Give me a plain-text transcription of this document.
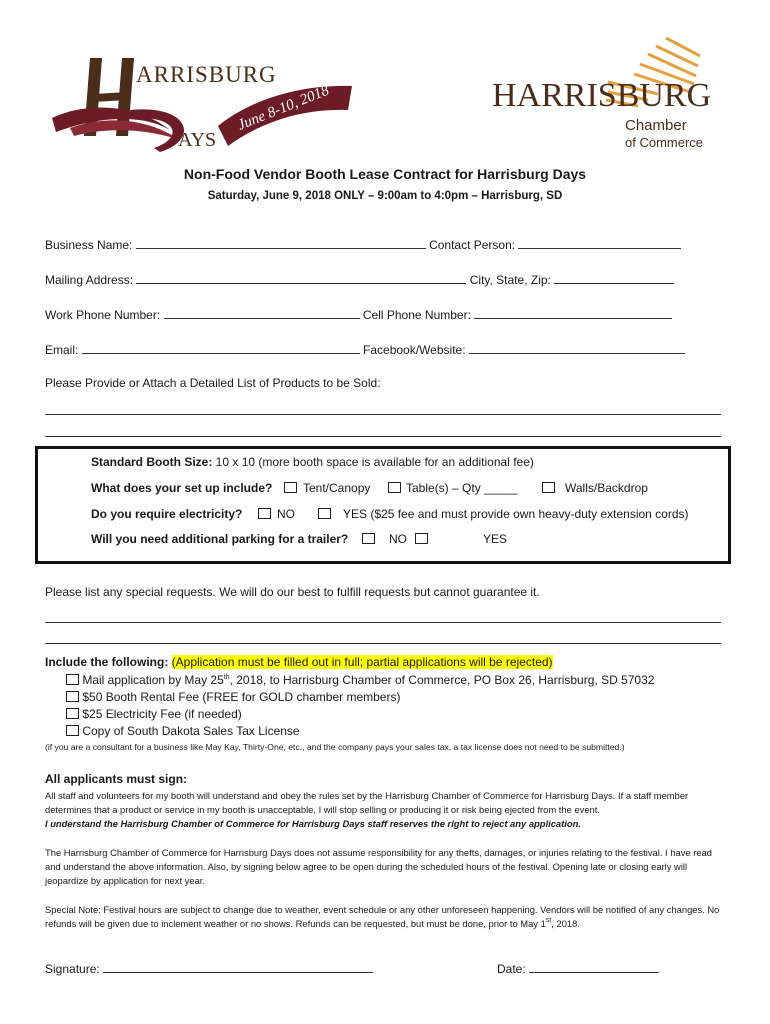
ARRISBURG
AYS
June 8-10, 2018	HARRISBURG
Chamber
of Commerce
Non-Food Vendor Booth Lease Contract for Harrisburg Days
Saturday, June 9, 2018 ONLY – 9:00am to 4:0pm – Harrisburg, SD
Business Name:	Contact Person:
Mailing Address:	City, State, Zip:
Work Phone Number:	Cell Phone Number:
Email:	Facebook/Website:
Please Provide or Attach a Detailed List of Products to be Sold:
Standard Booth Size: 10 x 10 (more booth space is available for an additional fee)
What does your set up include?	Tent/Canopy	Table(s) – Qty _____	Walls/Backdrop
Do you require electricity?	NO	YES ($25 fee and must provide own heavy-duty extension cords)
Will you need additional parking for a trailer?	NO	YES
Please list any special requests. We will do our best to fulfill requests but cannot guarantee it.
Include the following: (Application must be filled out in full; partial applications will be rejected)
Mail application by May 25th, 2018, to Harrisburg Chamber of Commerce, PO Box 26, Harrisburg, SD 57032
$50 Booth Rental Fee (FREE for GOLD chamber members)
$25 Electricity Fee (if needed)
Copy of South Dakota Sales Tax License
(if you are a consultant for a business like May Kay, Thirty-One, etc., and the company pays your sales tax, a tax license does not need to be submitted.)
All applicants must sign:
All staff and volunteers for my booth will understand and obey the rules set by the Harrisburg Chamber of Commerce for Harrisburg Days. If a staff member determines that a product or service in my booth is unacceptable, I will stop selling or producing it or risk being ejected from the event.
I understand the Harrisburg Chamber of Commerce for Harrisburg Days staff reserves the right to reject any application.
The Harrisburg Chamber of Commerce for Harrisburg Days does not assume responsibility for any thefts, damages, or injuries relating to the festival. I have read and understand the above information. Also, by signing below agree to be open during the scheduled hours of the festival. Opening late or closing early will jeopardize by application for next year.
Special Note: Festival hours are subject to change due to weather, event schedule or any other unforeseen happening. Vendors will be notified of any changes. No refunds will be given due to inclement weather or no shows. Refunds can be requested, but must be done, prior to May 1st, 2018.
Signature:	Date:
